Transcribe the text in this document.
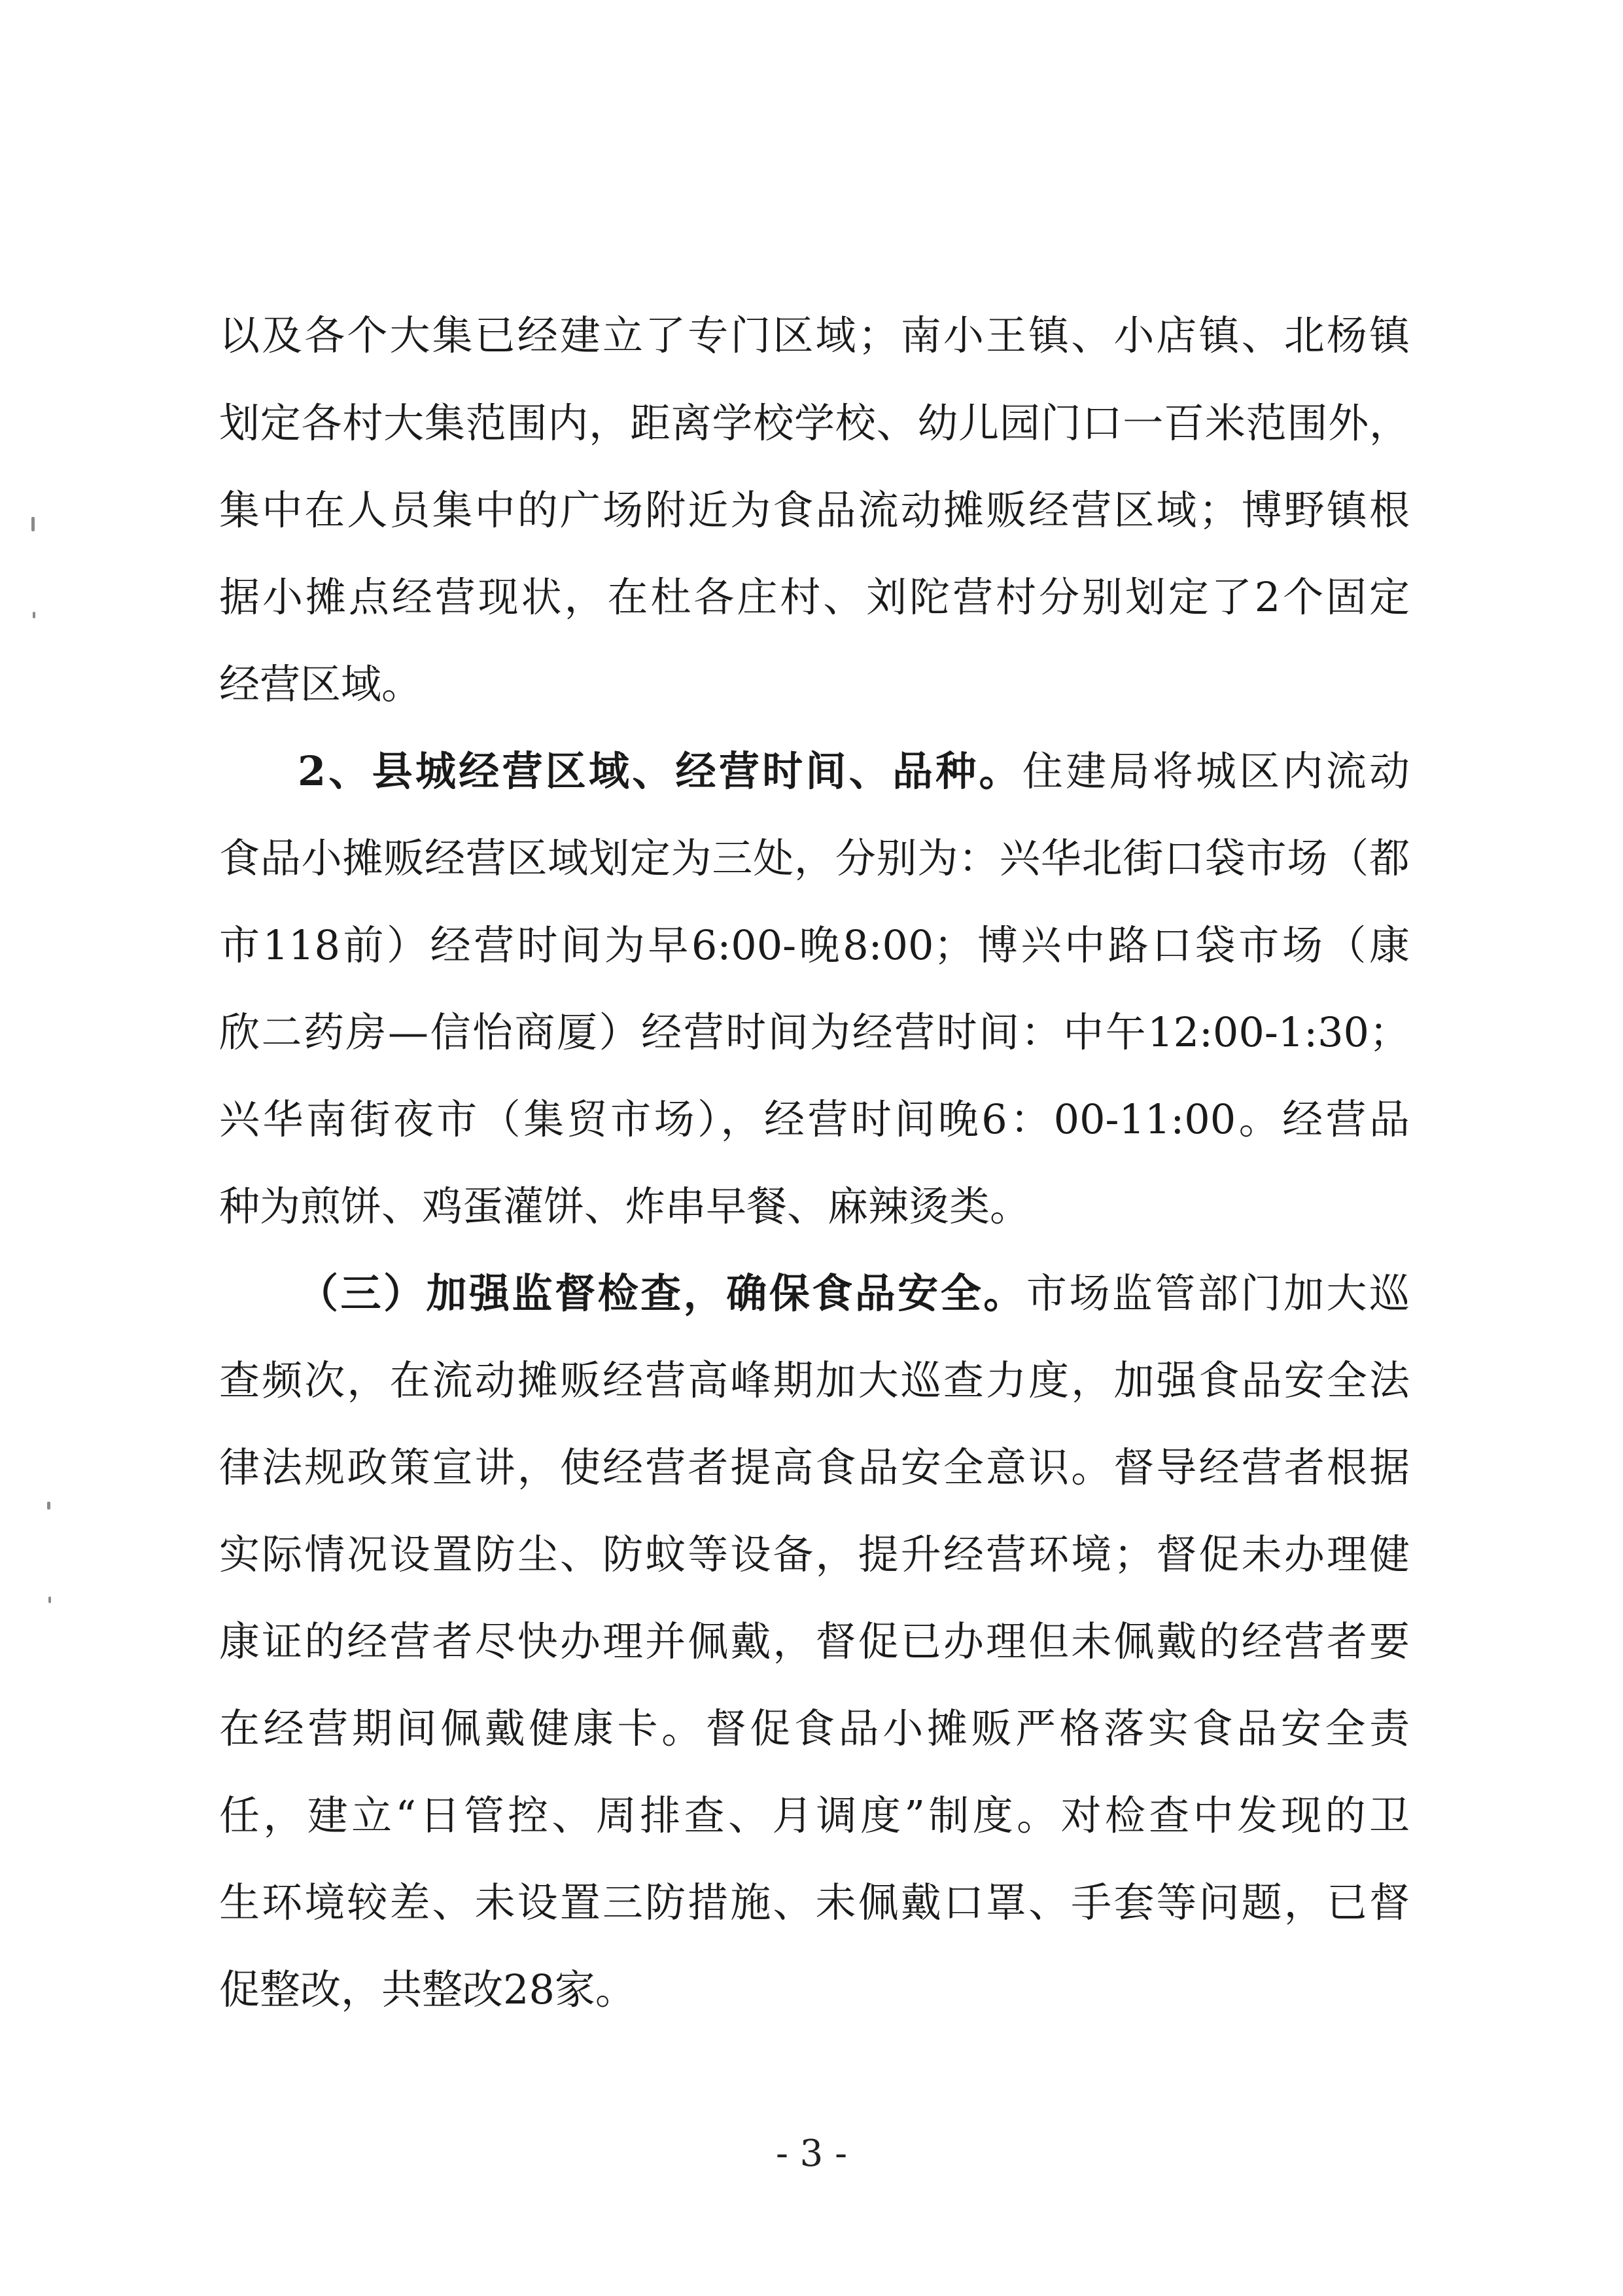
以及各个大集已经建立了专门区域；南小王镇、小店镇、北杨镇
划定各村大集范围内，距离学校学校、幼儿园门口一百米范围外，
集中在人员集中的广场附近为食品流动摊贩经营区域；博野镇根
据小摊点经营现状，在杜各庄村、刘陀营村分别划定了2个固定
经营区域。
2、县城经营区域、经营时间、品种。住建局将城区内流动
食品小摊贩经营区域划定为三处，分别为：兴华北街口袋市场（都
市118前）经营时间为早6:00-晚8:00；博兴中路口袋市场（康
欣二药房—信怡商厦）经营时间为经营时间：中午12:00-1:30；
兴华南街夜市（集贸市场），经营时间晚6：00-11:00。经营品
种为煎饼、鸡蛋灌饼、炸串早餐、麻辣烫类。
（三）加强监督检查，确保食品安全。市场监管部门加大巡
查频次，在流动摊贩经营高峰期加大巡查力度，加强食品安全法
律法规政策宣讲，使经营者提高食品安全意识。督导经营者根据
实际情况设置防尘、防蚊等设备，提升经营环境；督促未办理健
康证的经营者尽快办理并佩戴，督促已办理但未佩戴的经营者要
在经营期间佩戴健康卡。督促食品小摊贩严格落实食品安全责
任，建立“日管控、周排查、月调度”制度。对检查中发现的卫
生环境较差、未设置三防措施、未佩戴口罩、手套等问题，已督
促整改，共整改28家。
- 3 -
